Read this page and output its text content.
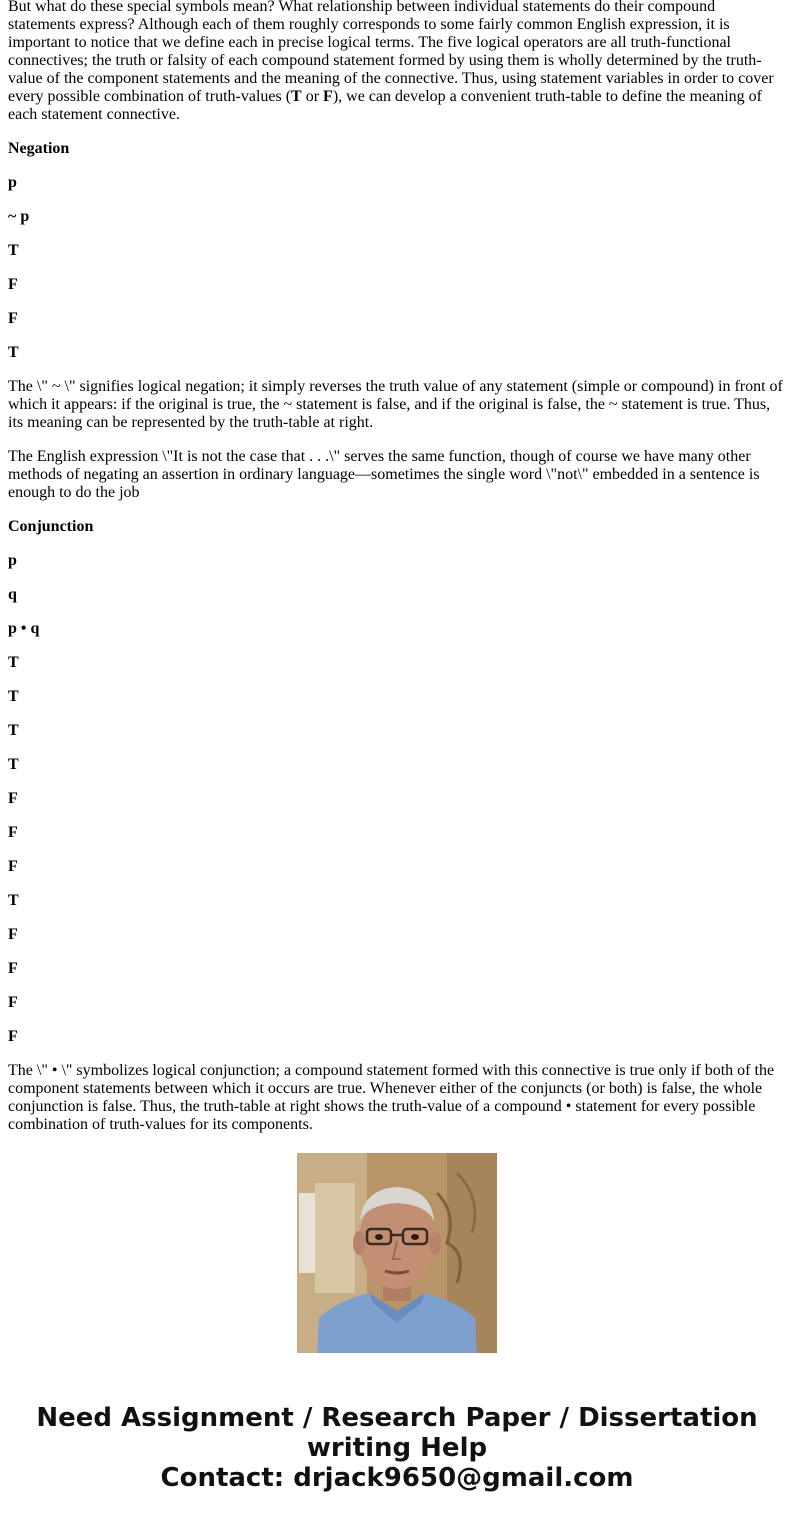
But what do these special symbols mean? What relationship between individual statements do their compound statements express? Although each of them roughly corresponds to some fairly common English expression, it is important to notice that we define each in precise logical terms. The five logical operators are all truth-functional connectives; the truth or falsity of each compound statement formed by using them is wholly determined by the truth-value of the component statements and the meaning of the connective. Thus, using statement variables in order to cover every possible combination of truth-values (T or F), we can develop a convenient truth-table to define the meaning of each statement connective.

Negation

p

~ p

T

F

F

T

The \" ~ \" signifies logical negation; it simply reverses the truth value of any statement (simple or compound) in front of which it appears: if the original is true, the ~ statement is false, and if the original is false, the ~ statement is true. Thus, its meaning can be represented by the truth-table at right.

The English expression \"It is not the case that . . .\" serves the same function, though of course we have many other methods of negating an assertion in ordinary language—sometimes the single word \"not\" embedded in a sentence is enough to do the job

Conjunction

p

q

p • q

T

T

T

T

F

F

F

T

F

F

F

F

The \" • \" symbolizes logical conjunction; a compound statement formed with this connective is true only if both of the component statements between which it occurs are true. Whenever either of the conjuncts (or both) is false, the whole conjunction is false. Thus, the truth-table at right shows the truth-value of a compound • statement for every possible combination of truth-values for its components.

Need Assignment / Research Paper / Dissertation
writing Help
Contact: drjack9650@gmail.com
